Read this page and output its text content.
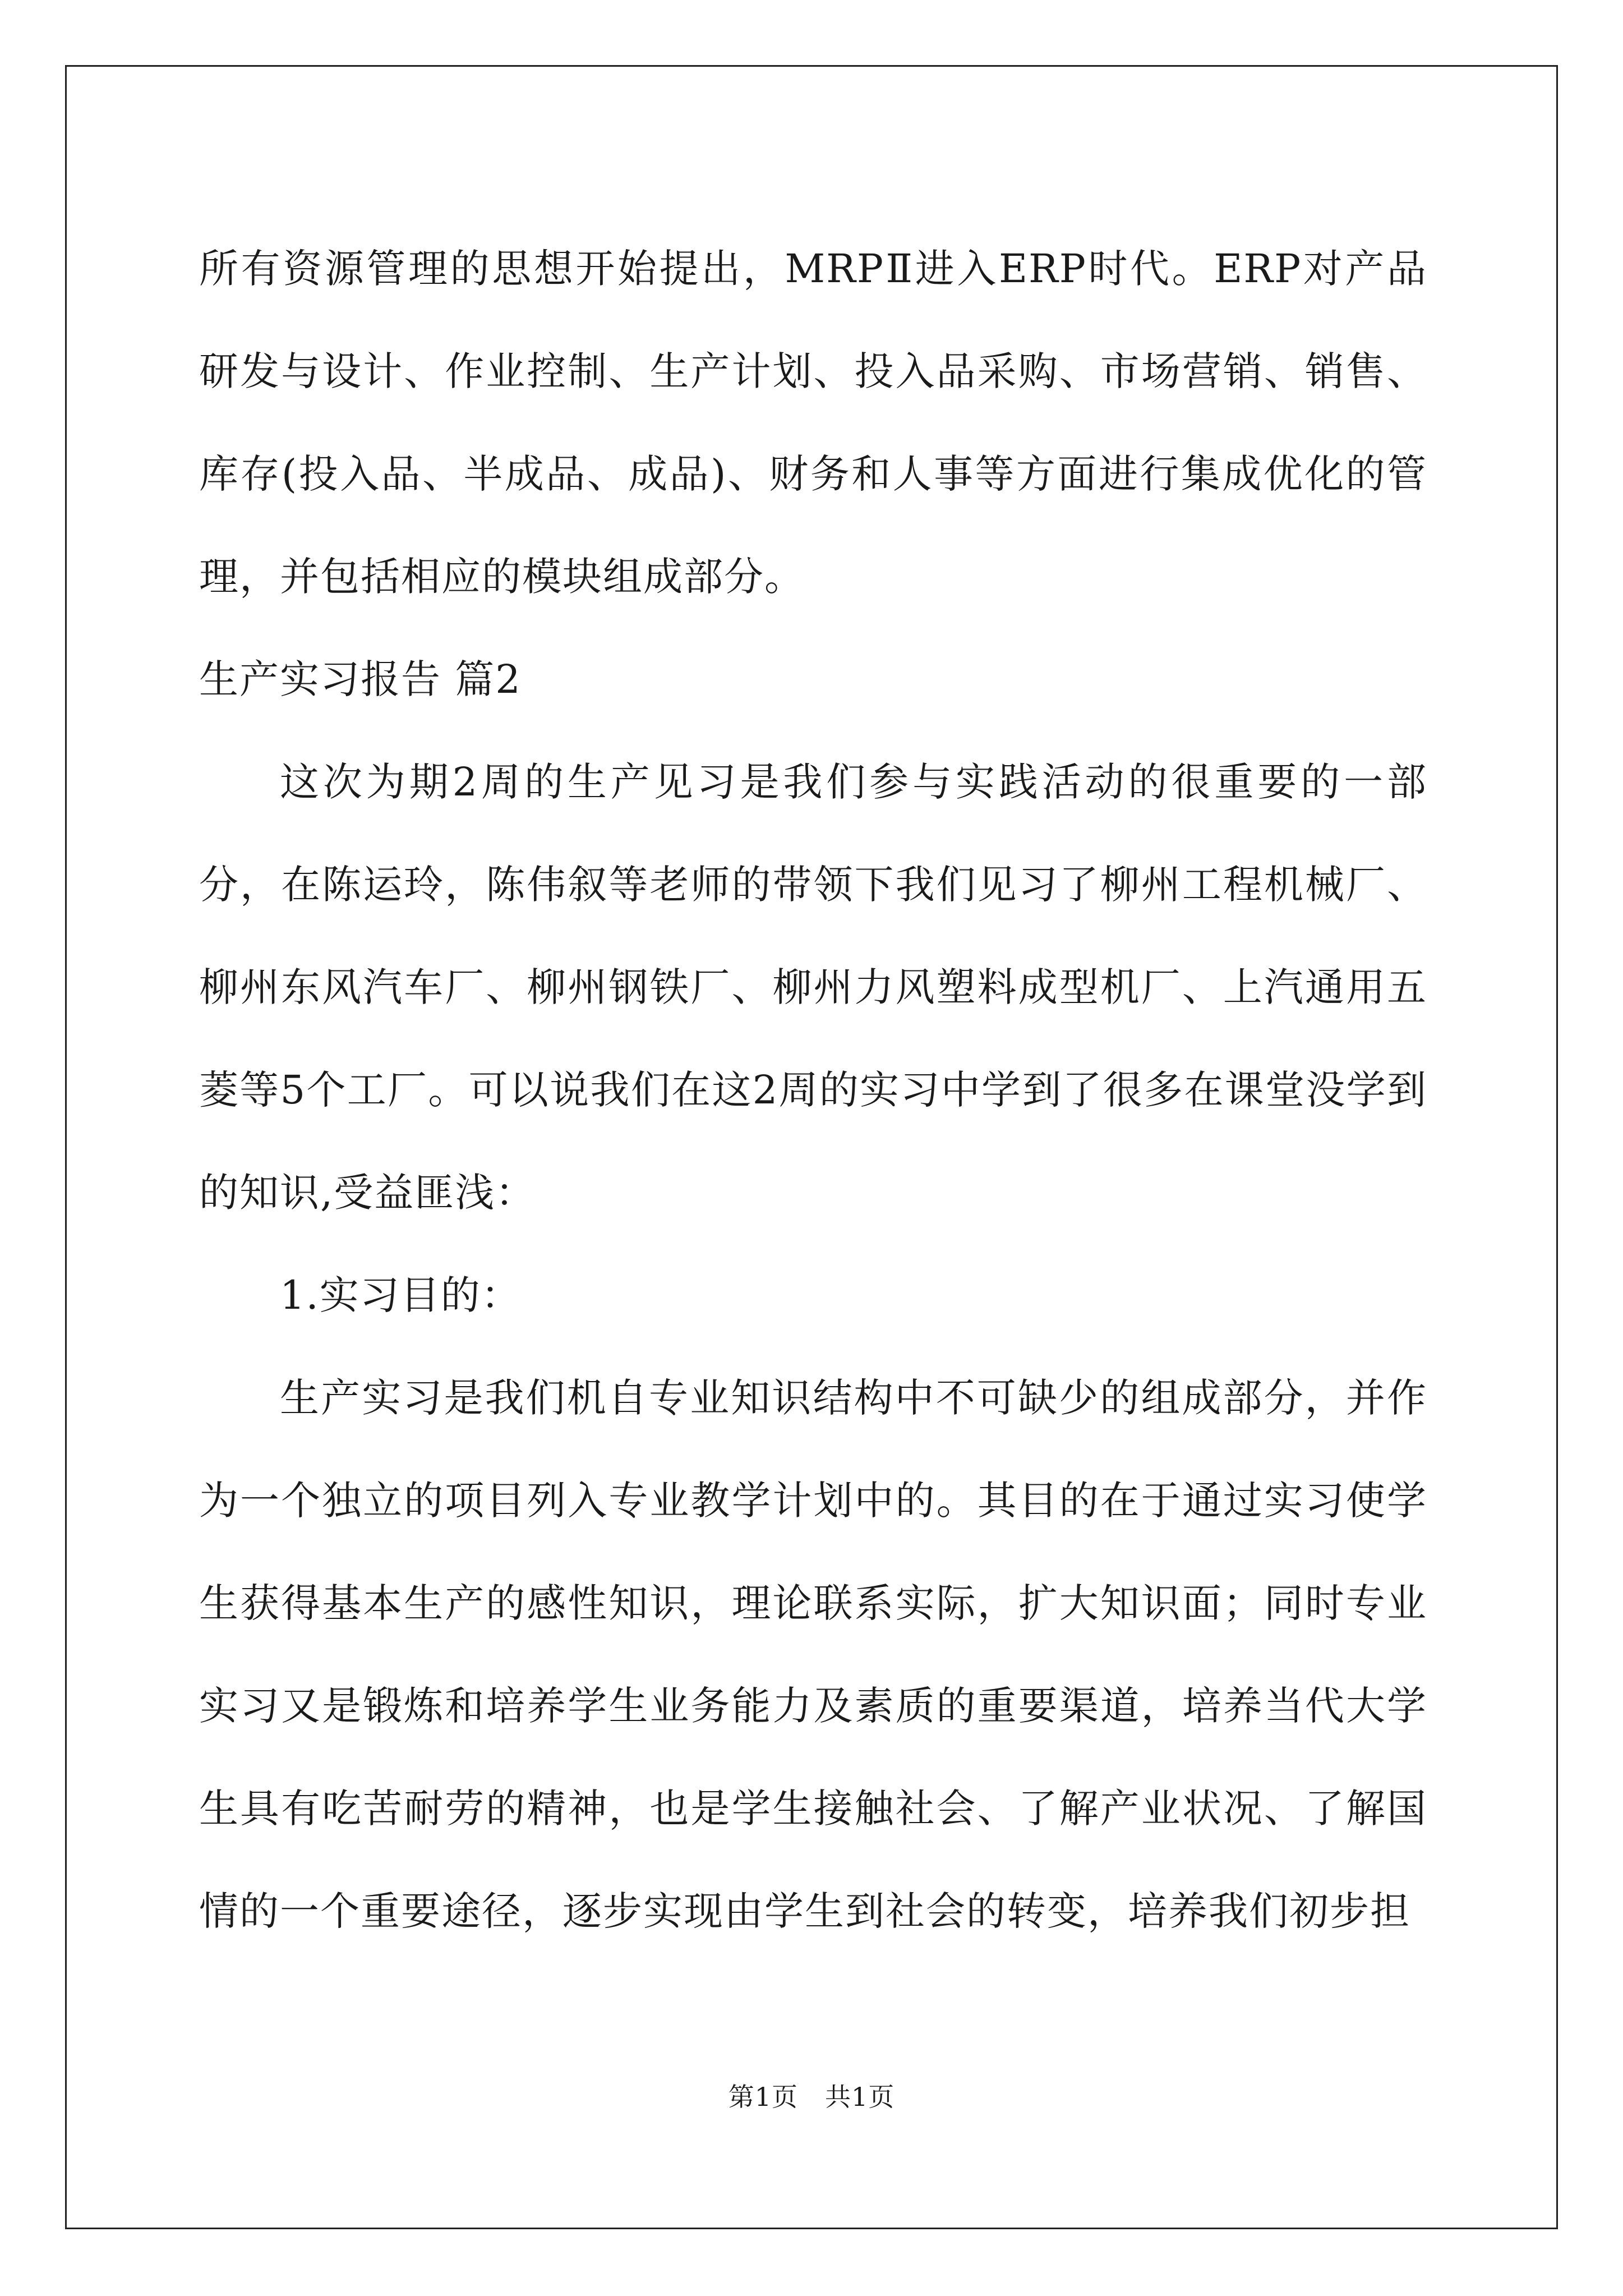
所有资源管理的思想开始提出，MRPⅡ进入ERP时代。ERP对产品研发与设计、作业控制、生产计划、投入品采购、市场营销、销售、库存(投入品、半成品、成品)、财务和人事等方面进行集成优化的管理，并包括相应的模块组成部分。

生产实习报告 篇2

这次为期2周的生产见习是我们参与实践活动的很重要的一部分，在陈运玲，陈伟叙等老师的带领下我们见习了柳州工程机械厂、柳州东风汽车厂、柳州钢铁厂、柳州力风塑料成型机厂、上汽通用五菱等5个工厂。可以说我们在这2周的实习中学到了很多在课堂没学到的知识,受益匪浅：

1.实习目的：

生产实习是我们机自专业知识结构中不可缺少的组成部分，并作为一个独立的项目列入专业教学计划中的。其目的在于通过实习使学生获得基本生产的感性知识，理论联系实际，扩大知识面；同时专业实习又是锻炼和培养学生业务能力及素质的重要渠道，培养当代大学生具有吃苦耐劳的精神，也是学生接触社会、了解产业状况、了解国情的一个重要途径，逐步实现由学生到社会的转变，培养我们初步担

第1页 共1页
